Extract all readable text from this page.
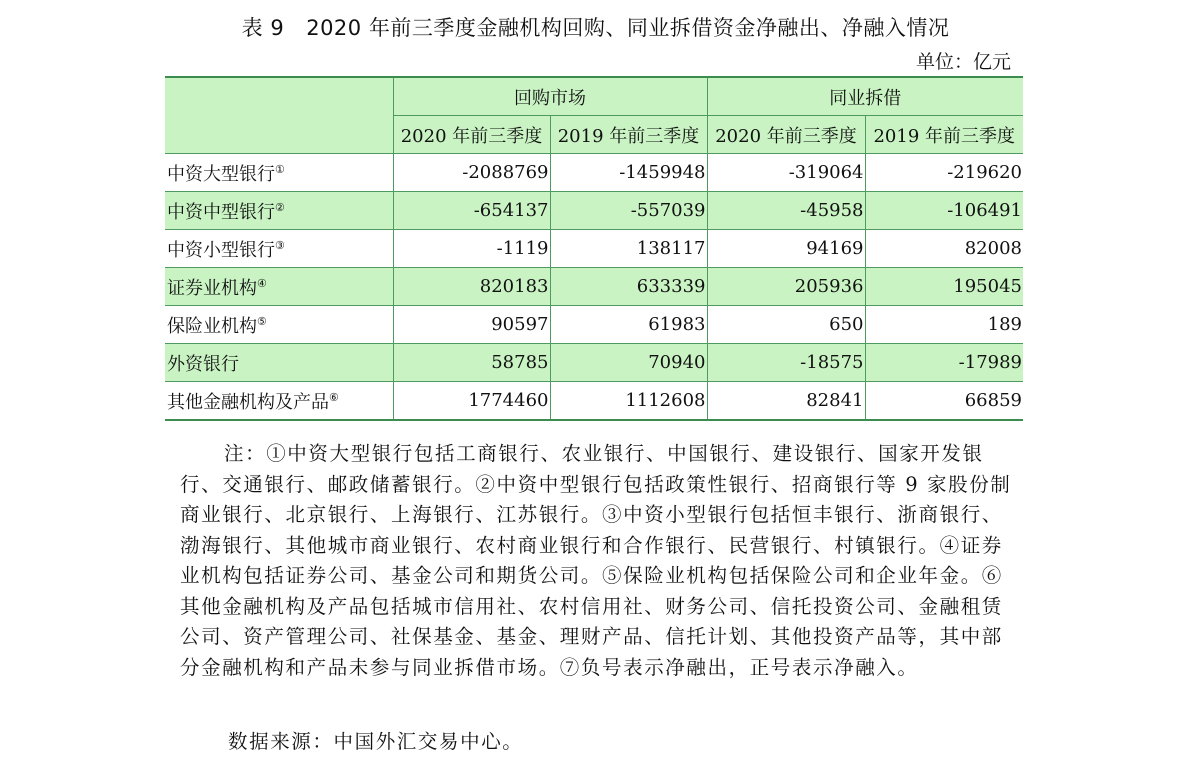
表 9 2020 年前三季度金融机构回购、同业拆借资金净融出、净融入情况
单位：亿元
	回购市场		同业拆借	
	2020 年前三季度	2019 年前三季度	2020 年前三季度	2019 年前三季度
中资大型银行①	-2088769	-1459948	-319064	-219620
中资中型银行②	-654137	-557039	-45958	-106491
中资小型银行③	-1119	138117	94169	82008
证券业机构④	820183	633339	205936	195045
保险业机构⑤	90597	61983	650	189
外资银行	58785	70940	-18575	-17989
其他金融机构及产品⑥	1774460	1112608	82841	66859

注：①中资大型银行包括工商银行、农业银行、中国银行、建设银行、国家开发银行、交通银行、邮政储蓄银行。②中资中型银行包括政策性银行、招商银行等 9 家股份制商业银行、北京银行、上海银行、江苏银行。③中资小型银行包括恒丰银行、浙商银行、渤海银行、其他城市商业银行、农村商业银行和合作银行、民营银行、村镇银行。④证券业机构包括证券公司、基金公司和期货公司。⑤保险业机构包括保险公司和企业年金。⑥其他金融机构及产品包括城市信用社、农村信用社、财务公司、信托投资公司、金融租赁公司、资产管理公司、社保基金、基金、理财产品、信托计划、其他投资产品等，其中部分金融机构和产品未参与同业拆借市场。⑦负号表示净融出，正号表示净融入。

数据来源：中国外汇交易中心。
